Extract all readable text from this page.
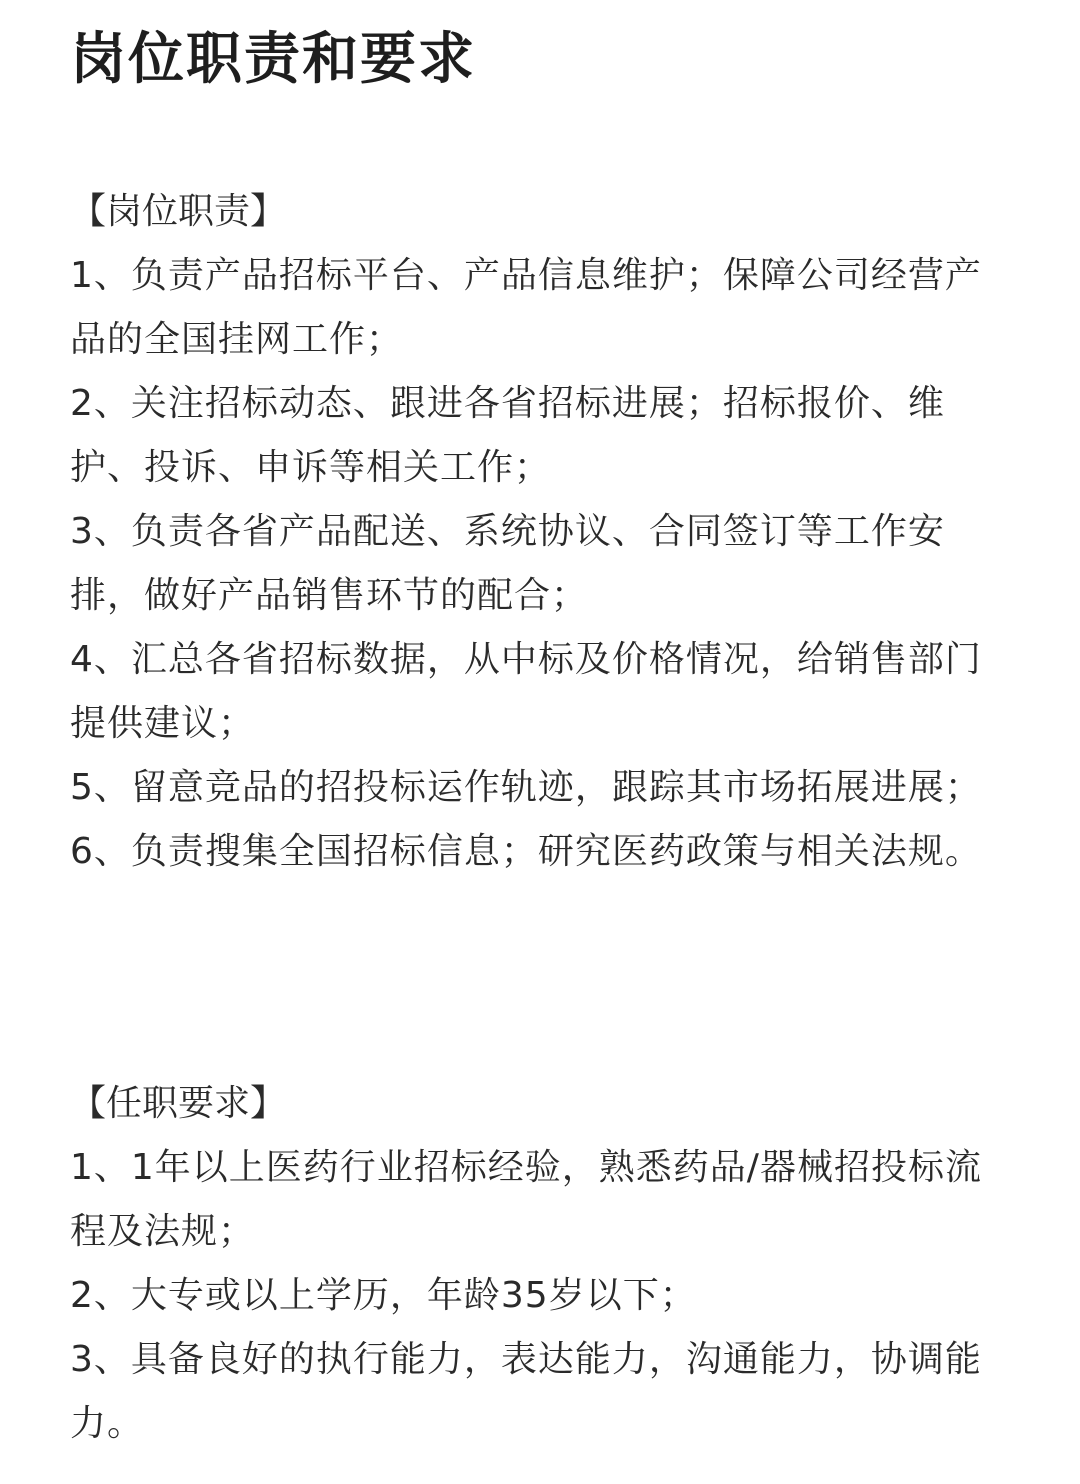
岗位职责和要求

【岗位职责】

1、负责产品招标平台、产品信息维护；保障公司经营产品的全国挂网工作；

2、关注招标动态、跟进各省招标进展；招标报价、维护、投诉、申诉等相关工作；

3、负责各省产品配送、系统协议、合同签订等工作安排，做好产品销售环节的配合；

4、汇总各省招标数据，从中标及价格情况，给销售部门提供建议；

5、留意竞品的招投标运作轨迹，跟踪其市场拓展进展；

6、负责搜集全国招标信息；研究医药政策与相关法规。

【任职要求】

1、1年以上医药行业招标经验，熟悉药品/器械招投标流程及法规；

2、大专或以上学历，年龄35岁以下；

3、具备良好的执行能力，表达能力，沟通能力，协调能力。
